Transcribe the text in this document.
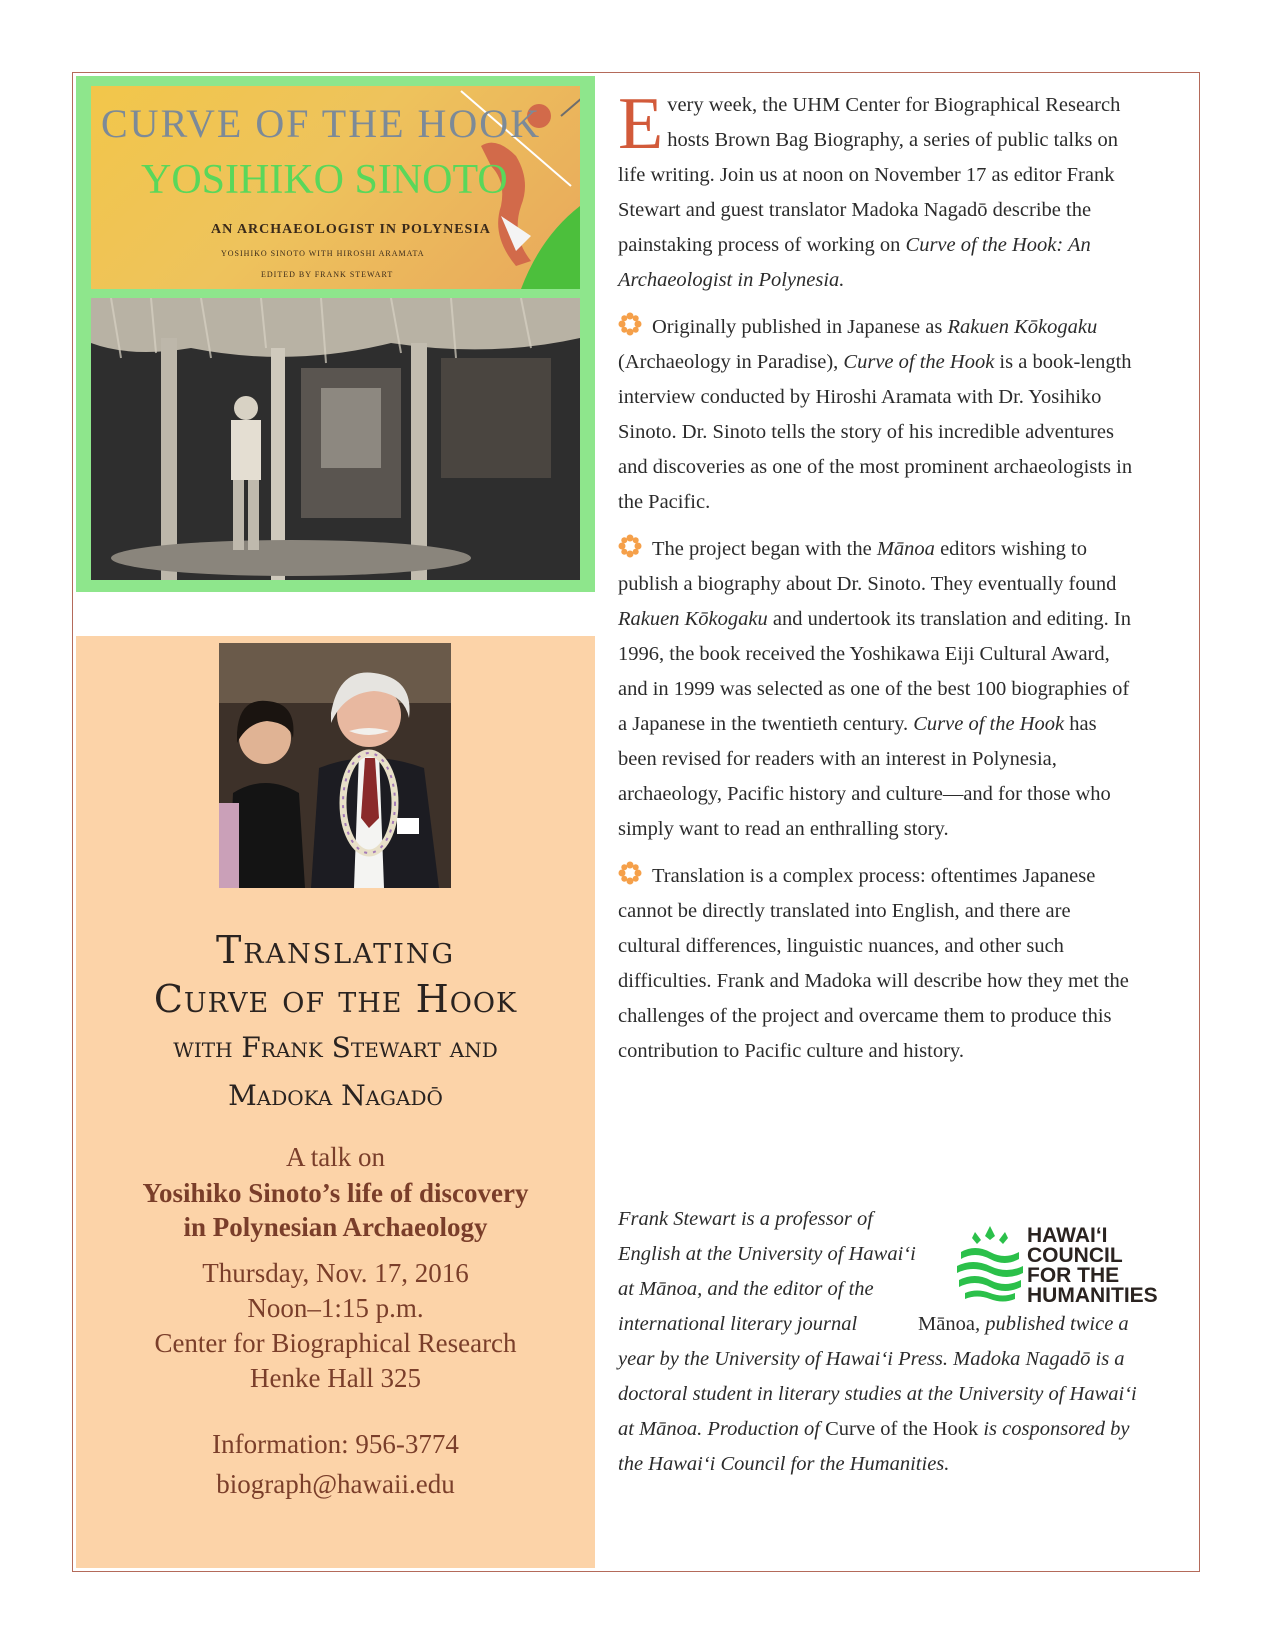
CURVE OF THE HOOK
YOSIHIKO SINOTO
AN ARCHAEOLOGIST IN POLYNESIA
YOSIHIKO SINOTO WITH HIROSHI ARAMATA
EDITED BY FRANK STEWART
Translating
Curve of the Hook
with Frank Stewart and
Madoka Nagadō
A talk on
Yosihiko Sinoto’s life of discovery
in Polynesian Archaeology
Thursday, Nov. 17, 2016
Noon–1:15 p.m.
Center for Biographical Research
Henke Hall 325
Information: 956-3774
biograph@hawaii.edu

Every week, the UHM Center for Biographical Research hosts Brown Bag Biography, a series of public talks on life writing. Join us at noon on November 17 as editor Frank Stewart and guest translator Madoka Nagadō describe the painstaking process of working on Curve of the Hook: An Archaeologist in Polynesia.

Originally published in Japanese as Rakuen Kōkogaku (Archaeology in Paradise), Curve of the Hook is a book-length interview conducted by Hiroshi Aramata with Dr. Yosihiko Sinoto. Dr. Sinoto tells the story of his incredible adventures and discoveries as one of the most prominent archaeologists in the Pacific.

The project began with the Mānoa editors wishing to publish a biography about Dr. Sinoto. They eventually found Rakuen Kōkogaku and undertook its translation and editing. In 1996, the book received the Yoshikawa Eiji Cultural Award, and in 1999 was selected as one of the best 100 biographies of a Japanese in the twentieth century. Curve of the Hook has been revised for readers with an interest in Polynesia, archaeology, Pacific history and culture—and for those who simply want to read an enthralling story.

Translation is a complex process: oftentimes Japanese cannot be directly translated into English, and there are cultural differences, linguistic nuances, and other such difficulties. Frank and Madoka will describe how they met the challenges of the project and overcame them to produce this contribution to Pacific culture and history.

Frank Stewart is a professor of English at the University of Hawaiʻi at Mānoa, and the editor of the international literary journal	Mānoa, published twice a year by the University of Hawaiʻi Press. Madoka Nagadō is a doctoral student in literary studies at the University of Hawaiʻi at Mānoa. Production of Curve of the Hook is cosponsored by the Hawaiʻi Council for the Humanities.
HAWAIʻI
COUNCIL
FOR THE
HUMANITIES
